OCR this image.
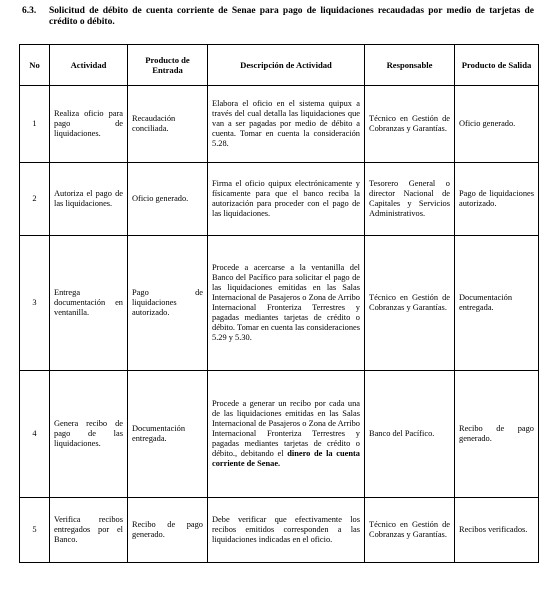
6.3. Solicitud de débito de cuenta corriente de Senae para pago de liquidaciones recaudadas por medio de tarjetas de crédito o débito.
No	Actividad	Producto de Entrada	Descripción de Actividad	Responsable	Producto de Salida
1	Realiza oficio para pago de liquidaciones.	Recaudación conciliada.	Elabora el oficio en el sistema quipux a través del cual detalla las liquidaciones que van a ser pagadas por medio de débito a cuenta. Tomar en cuenta la consideración 5.28.	Técnico en Gestión de Cobranzas y Garantías.	Oficio generado.
2	Autoriza el pago de las liquidaciones.	Oficio generado.	Firma el oficio quipux electrónicamente y físicamente para que el banco reciba la autorización para proceder con el pago de las liquidaciones.	Tesorero General o director Nacional de Capitales y Servicios Administrativos.	Pago de liquidaciones autorizado.
3	Entrega documentación en ventanilla.	Pago de liquidaciones autorizado.	Procede a acercarse a la ventanilla del Banco del Pacífico para solicitar el pago de las liquidaciones emitidas en las Salas Internacional de Pasajeros o Zona de Arribo Internacional Fronteriza Terrestres y pagadas mediantes tarjetas de crédito o débito. Tomar en cuenta las consideraciones 5.29 y 5.30.	Técnico en Gestión de Cobranzas y Garantías.	Documentación entregada.
4	Genera recibo de pago de las liquidaciones.	Documentación entregada.	Procede a generar un recibo por cada una de las liquidaciones emitidas en las Salas Internacional de Pasajeros o Zona de Arribo Internacional Fronteriza Terrestres y pagadas mediantes tarjetas de crédito o débito., debitando el dinero de la cuenta corriente de Senae.	Banco del Pacífico.	Recibo de pago generado.
5	Verifica recibos entregados por el Banco.	Recibo de pago generado.	Debe verificar que efectivamente los recibos emitidos corresponden a las liquidaciones indicadas en el oficio.	Técnico en Gestión de Cobranzas y Garantías.	Recibos verificados.
